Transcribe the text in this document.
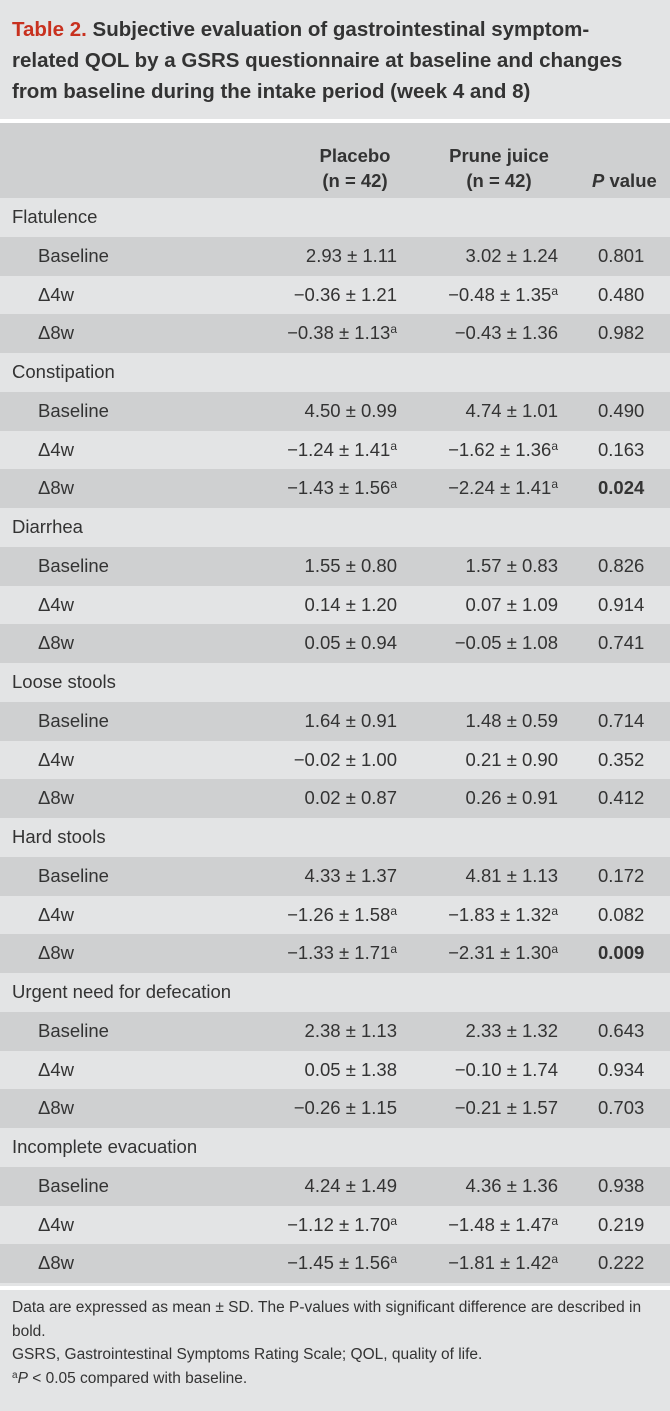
Table 2. Subjective evaluation of gastrointestinal symptom-related QOL by a GSRS questionnaire at baseline and changes from baseline during the intake period (week 4 and 8)
Placebo
(n = 42)
Prune juice
(n = 42)	P value
Flatulence
Baseline	2.93 ± 1.11	3.02 ± 1.24 0.801
Δ4w	−0.36 ± 1.21	−0.48 ± 1.35$^a$ 0.480
Δ8w	−0.38 ± 1.13$^a$	−0.43 ± 1.36 0.982
Constipation
Baseline	4.50 ± 0.99	4.74 ± 1.01 0.490
Δ4w	−1.24 ± 1.41$^a$	−1.62 ± 1.36$^a$ 0.163
Δ8w	−1.43 ± 1.56$^a$	−2.24 ± 1.41$^a$ 0.024
Diarrhea
Baseline	1.55 ± 0.80	1.57 ± 0.83 0.826
Δ4w	0.14 ± 1.20	0.07 ± 1.09 0.914
Δ8w	0.05 ± 0.94	−0.05 ± 1.08 0.741
Loose stools
Baseline	1.64 ± 0.91	1.48 ± 0.59 0.714
Δ4w	−0.02 ± 1.00	0.21 ± 0.90 0.352
Δ8w	0.02 ± 0.87	0.26 ± 0.91 0.412
Hard stools
Baseline	4.33 ± 1.37	4.81 ± 1.13 0.172
Δ4w	−1.26 ± 1.58$^a$	−1.83 ± 1.32$^a$ 0.082
Δ8w	−1.33 ± 1.71$^a$	−2.31 ± 1.30$^a$ 0.009
Urgent need for defecation
Baseline	2.38 ± 1.13	2.33 ± 1.32 0.643
Δ4w	0.05 ± 1.38	−0.10 ± 1.74 0.934
Δ8w	−0.26 ± 1.15	−0.21 ± 1.57 0.703
Incomplete evacuation
Baseline	4.24 ± 1.49	4.36 ± 1.36 0.938
Δ4w	−1.12 ± 1.70$^a$	−1.48 ± 1.47$^a$ 0.219
Δ8w	−1.45 ± 1.56$^a$	−1.81 ± 1.42$^a$ 0.222

Data are expressed as mean ± SD. The P-values with significant difference are described in bold.

GSRS, Gastrointestinal Symptoms Rating Scale; QOL, quality of life.

$^a$P < 0.05 compared with baseline.
